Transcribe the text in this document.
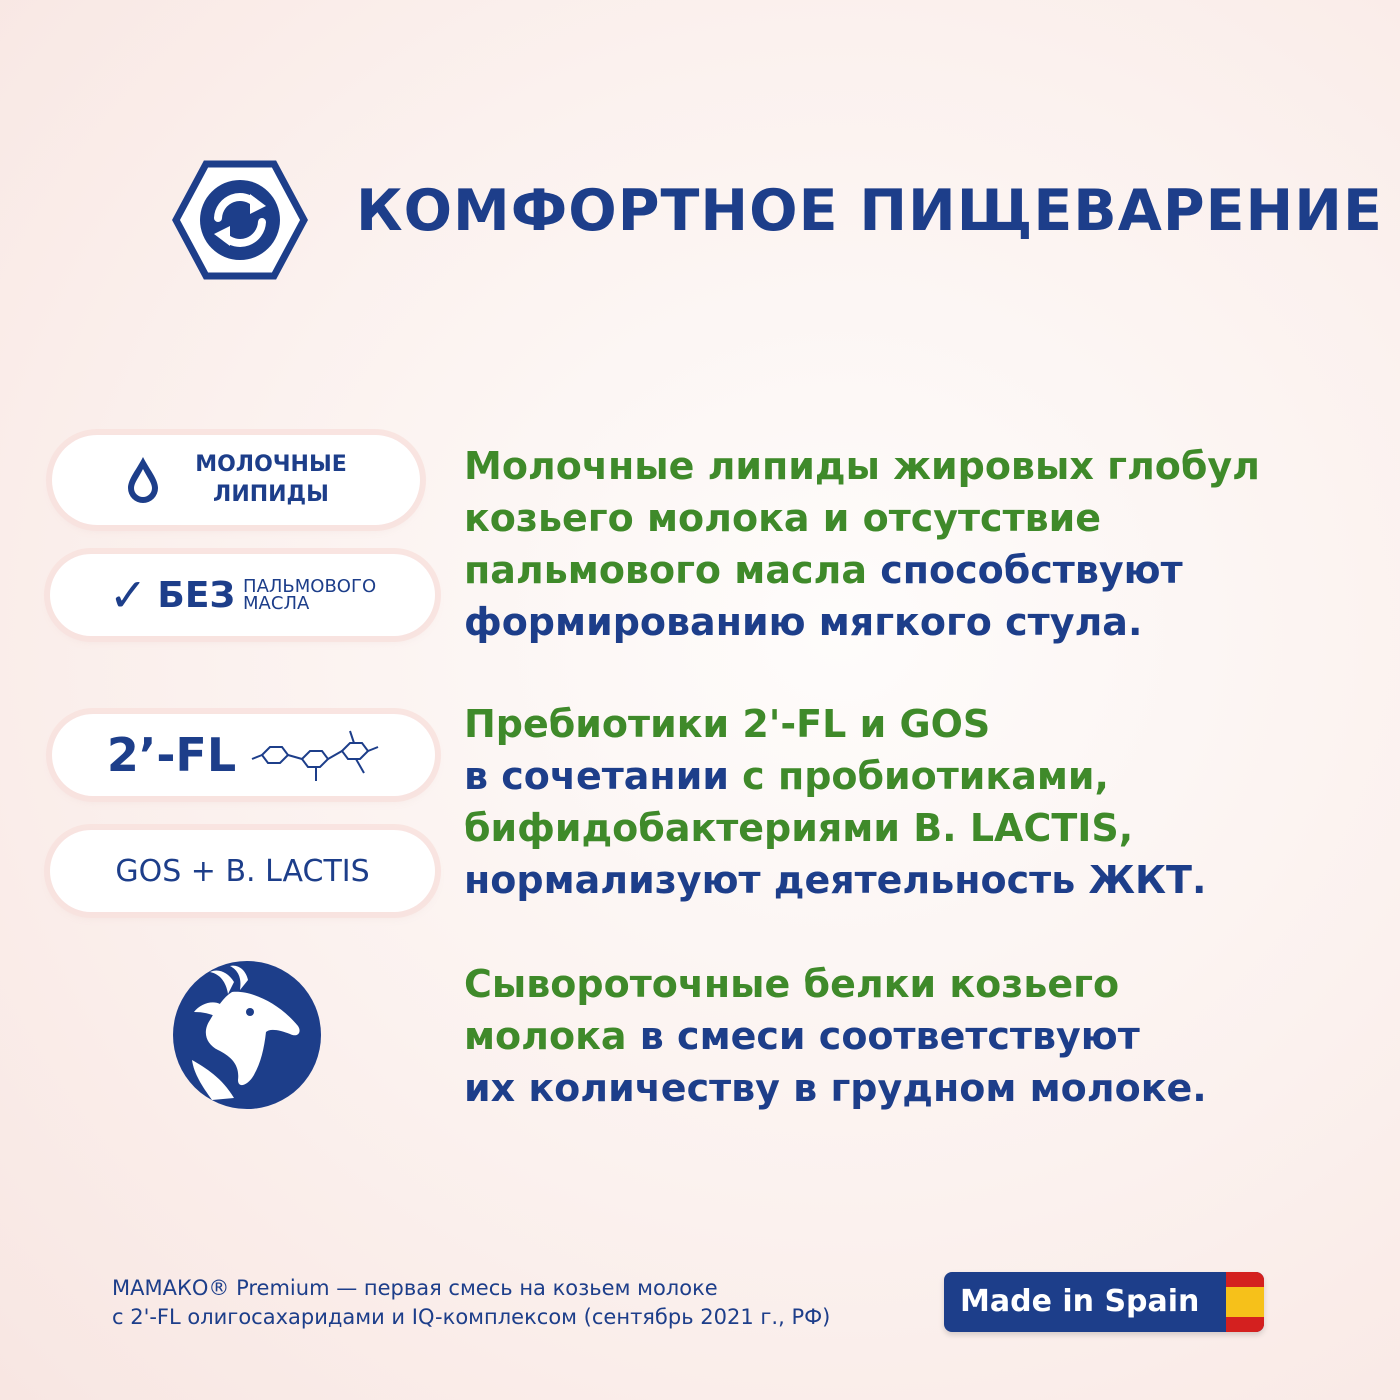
КОМФОРТНОЕ ПИЩЕВАРЕНИЕ
МОЛОЧНЫЕ
ЛИПИДЫ
✓ БЕЗ ПАЛЬМОВОГО
МАСЛА
2’-FL
GOS + B. LACTIS
Молочные липиды жировых глобул
козьего молока и отсутствие
пальмового масла способствуют
формированию мягкого стула.
Пребиотики 2'-FL и GOS
в сочетании с пробиотиками,
бифидобактериями B. LACTIS,
нормализуют деятельность ЖКТ.
Сывороточные белки козьего
молока в смеси соответствуют
их количеству в грудном молоке.
МАМАКО® Premium — первая смесь на козьем молоке
с 2'-FL олигосахаридами и IQ-комплексом (сентябрь 2021 г., РФ)	Made in Spain
